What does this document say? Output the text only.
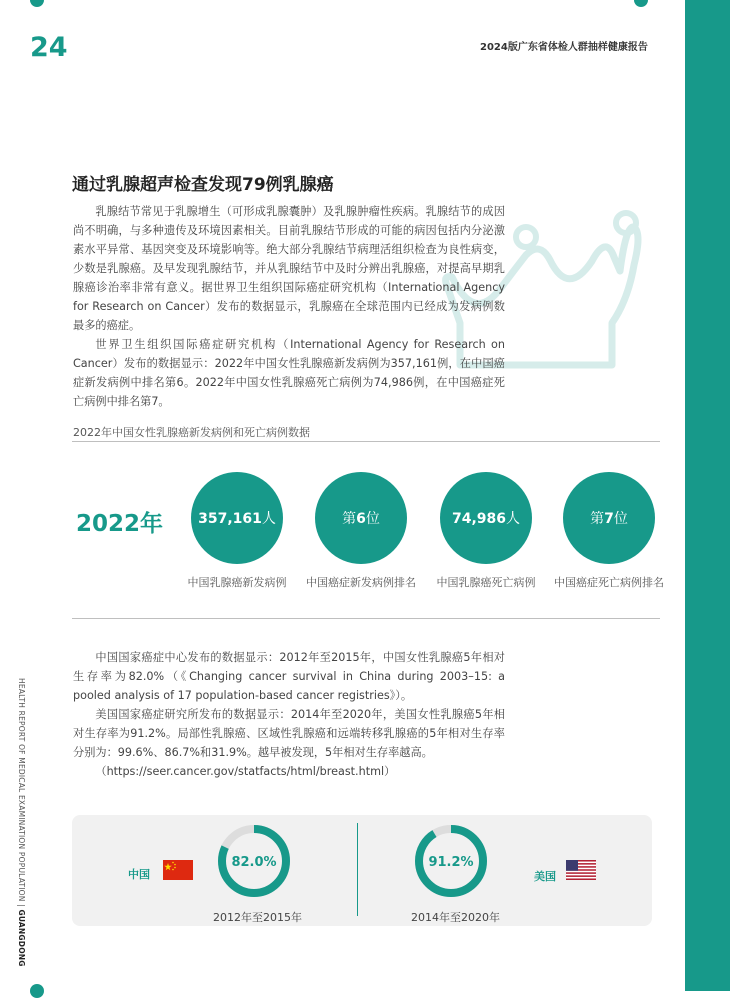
24	2024版广东省体检人群抽样健康报告
HEALTH REPORT OF MEDICAL EXAMINATION POPULATION | GUANGDONG
通过乳腺超声检查发现79例乳腺癌

乳腺结节常见于乳腺增生（可形成乳腺囊肿）及乳腺肿瘤性疾病。乳腺结节的成因尚不明确，与多种遗传及环境因素相关。目前乳腺结节形成的可能的病因包括内分泌激素水平异常、基因突变及环境影响等。绝大部分乳腺结节病理活组织检查为良性病变，少数是乳腺癌。及早发现乳腺结节，并从乳腺结节中及时分辨出乳腺癌，对提高早期乳腺癌诊治率非常有意义。据世界卫生组织国际癌症研究机构（International Agency for Research on Cancer）发布的数据显示，乳腺癌在全球范围内已经成为发病例数最多的癌症。

世界卫生组织国际癌症研究机构（International Agency for Research on Cancer）发布的数据显示：2022年中国女性乳腺癌新发病例为357,161例，在中国癌症新发病例中排名第6。2022年中国女性乳腺癌死亡病例为74,986例，在中国癌症死亡病例中排名第7。

2022年中国女性乳腺癌新发病例和死亡病例数据
2022年	357,161人	第6位	74,986人	第7位
中国乳腺癌新发病例	中国癌症新发病例排名	中国乳腺癌死亡病例	中国癌症死亡病例排名

中国国家癌症中心发布的数据显示：2012年至2015年，中国女性乳腺癌5年相对生存率为82.0%（《Changing cancer survival in China during 2003–15: a pooled analysis of 17 population-based cancer registries》）。

美国国家癌症研究所发布的数据显示：2014年至2020年，美国女性乳腺癌5年相对生存率为91.2%。局部性乳腺癌、区域性乳腺癌和远端转移乳腺癌的5年相对生存率分别为：99.6%、86.7%和31.9%。越早被发现，5年相对生存率越高。

（https://seer.cancer.gov/statfacts/html/breast.html）

中国
82.0%
2012年至2015年
91.2%
2014年至2020年
美国
